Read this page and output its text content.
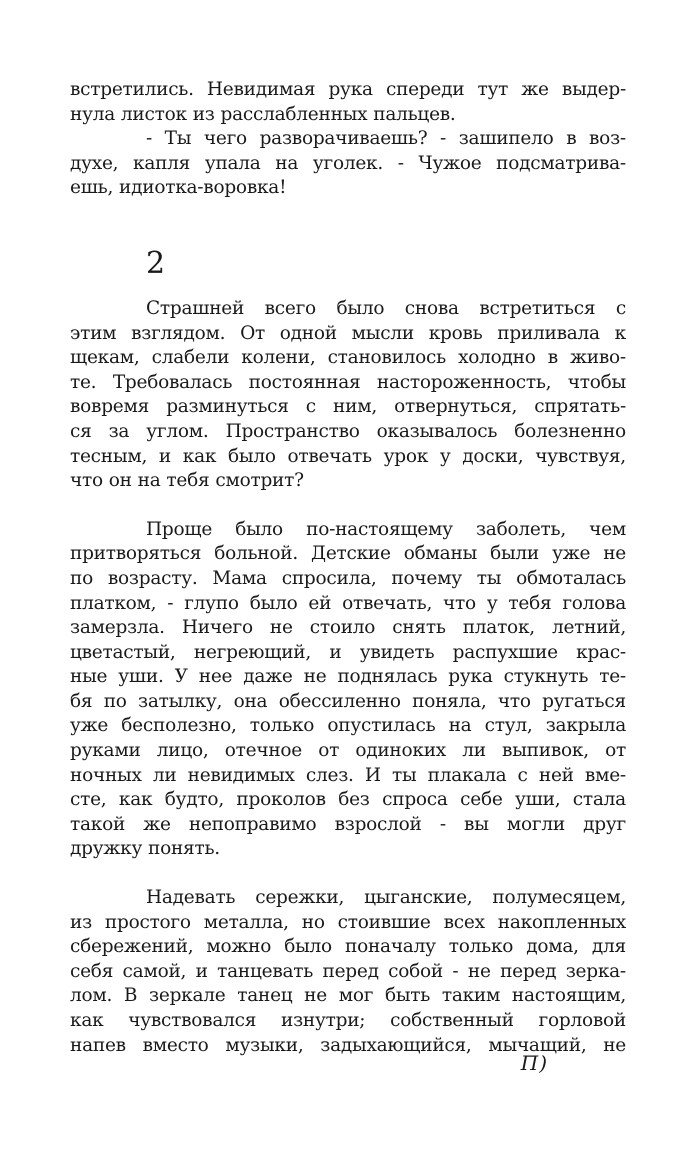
встретились. Невидимая рука спереди тут же выдер-
нула листок из расслабленных пальцев.
- Ты чего разворачиваешь? - зашипело в воз-
духе, капля упала на уголек. - Чужое подсматрива-
ешь, идиотка-воровка!
2
Страшней всего было снова встретиться с
этим взглядом. От одной мысли кровь приливала к
щекам, слабели колени, становилось холодно в живо-
те. Требовалась постоянная настороженность, чтобы
вовремя разминуться с ним, отвернуться, спрятать-
ся за углом. Пространство оказывалось болезненно
тесным, и как было отвечать урок у доски, чувствуя,
что он на тебя смотрит?
Проще было по-настоящему заболеть, чем
притворяться больной. Детские обманы были уже не
по возрасту. Мама спросила, почему ты обмоталась
платком, - глупо было ей отвечать, что у тебя голова
замерзла. Ничего не стоило снять платок, летний,
цветастый, негреющий, и увидеть распухшие крас-
ные уши. У нее даже не поднялась рука стукнуть те-
бя по затылку, она обессиленно поняла, что ругаться
уже бесполезно, только опустилась на стул, закрыла
руками лицо, отечное от одиноких ли выпивок, от
ночных ли невидимых слез. И ты плакала с ней вме-
сте, как будто, проколов без спроса себе уши, стала
такой же непоправимо взрослой - вы могли друг
дружку понять.
Надевать сережки, цыганские, полумесяцем,
из простого металла, но стоившие всех накопленных
сбережений, можно было поначалу только дома, для
себя самой, и танцевать перед собой - не перед зерка-
лом. В зеркале танец не мог быть таким настоящим,
как чувствовался изнутри; собственный горловой
напев вместо музыки, задыхающийся, мычащий, не
П)
